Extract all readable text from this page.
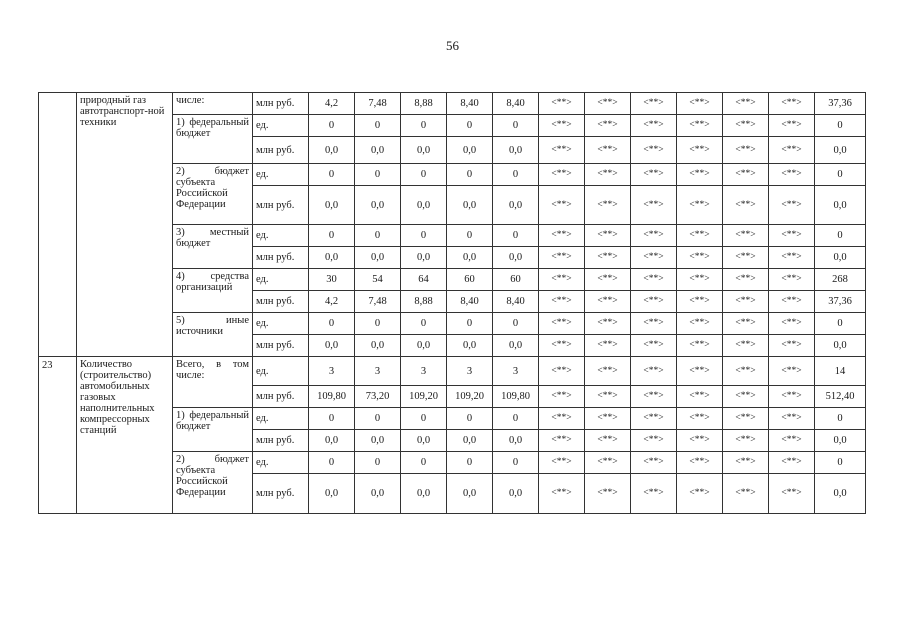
56
	природный газ автотранспорт-ной техники	числе:	млн руб.	4,2	7,48	8,88	8,40	8,40	<**>	<**>	<**>	<**>	<**>	<**>	37,36
		1) федеральный бюджет	ед.	0	0	0	0	0	<**>	<**>	<**>	<**>	<**>	<**>	0
			млн руб.	0,0	0,0	0,0	0,0	0,0	<**>	<**>	<**>	<**>	<**>	<**>	0,0
		2) бюджет субъекта Российской Федерации	ед.	0	0	0	0	0	<**>	<**>	<**>	<**>	<**>	<**>	0
			млн руб.	0,0	0,0	0,0	0,0	0,0	<**>	<**>	<**>	<**>	<**>	<**>	0,0
		3) местный бюджет	ед.	0	0	0	0	0	<**>	<**>	<**>	<**>	<**>	<**>	0
			млн руб.	0,0	0,0	0,0	0,0	0,0	<**>	<**>	<**>	<**>	<**>	<**>	0,0
		4) средства организаций	ед.	30	54	64	60	60	<**>	<**>	<**>	<**>	<**>	<**>	268
			млн руб.	4,2	7,48	8,88	8,40	8,40	<**>	<**>	<**>	<**>	<**>	<**>	37,36
		5) иные источники	ед.	0	0	0	0	0	<**>	<**>	<**>	<**>	<**>	<**>	0
			млн руб.	0,0	0,0	0,0	0,0	0,0	<**>	<**>	<**>	<**>	<**>	<**>	0,0
23	Количество (строительство) автомобильных газовых наполнительных компрессорных станций	Всего, в том числе:	ед.	3	3	3	3	3	<**>	<**>	<**>	<**>	<**>	<**>	14
			млн руб.	109,80	73,20	109,20	109,20	109,80	<**>	<**>	<**>	<**>	<**>	<**>	512,40
		1) федеральный бюджет	ед.	0	0	0	0	0	<**>	<**>	<**>	<**>	<**>	<**>	0
			млн руб.	0,0	0,0	0,0	0,0	0,0	<**>	<**>	<**>	<**>	<**>	<**>	0,0
		2) бюджет субъекта Российской Федерации	ед.	0	0	0	0	0	<**>	<**>	<**>	<**>	<**>	<**>	0
			млн руб.	0,0	0,0	0,0	0,0	0,0	<**>	<**>	<**>	<**>	<**>	<**>	0,0
